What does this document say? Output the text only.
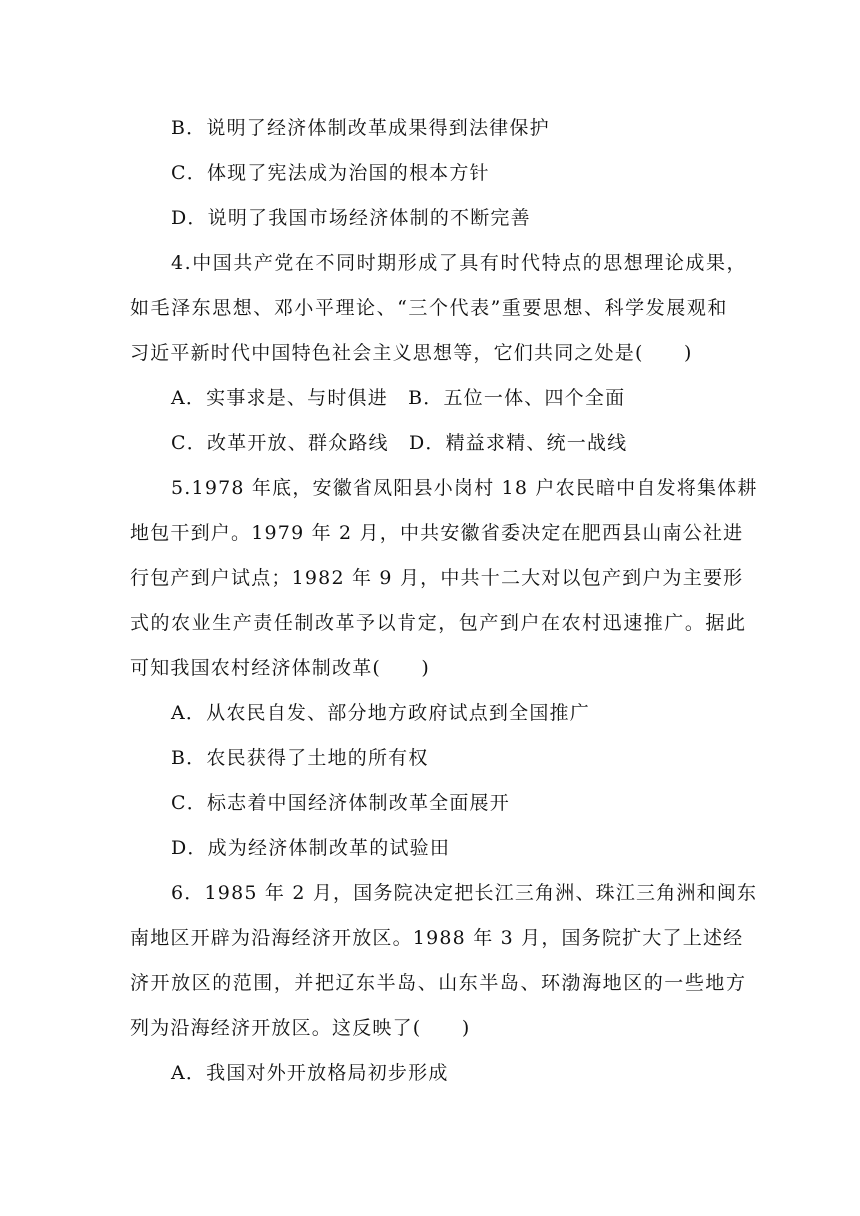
B．说明了经济体制改革成果得到法律保护
C．体现了宪法成为治国的根本方针
D．说明了我国市场经济体制的不断完善
4.中国共产党在不同时期形成了具有时代特点的思想理论成果，
如毛泽东思想、邓小平理论、“三个代表”重要思想、科学发展观和
习近平新时代中国特色社会主义思想等，它们共同之处是(　　)
A．实事求是、与时俱进　B．五位一体、四个全面
C．改革开放、群众路线　D．精益求精、统一战线
5.1978 年底，安徽省凤阳县小岗村 18 户农民暗中自发将集体耕
地包干到户。1979 年 2 月，中共安徽省委决定在肥西县山南公社进
行包产到户试点；1982 年 9 月，中共十二大对以包产到户为主要形
式的农业生产责任制改革予以肯定，包产到户在农村迅速推广。据此
可知我国农村经济体制改革(　　)
A．从农民自发、部分地方政府试点到全国推广
B．农民获得了土地的所有权
C．标志着中国经济体制改革全面展开
D．成为经济体制改革的试验田
6．1985 年 2 月，国务院决定把长江三角洲、珠江三角洲和闽东
南地区开辟为沿海经济开放区。1988 年 3 月，国务院扩大了上述经
济开放区的范围，并把辽东半岛、山东半岛、环渤海地区的一些地方
列为沿海经济开放区。这反映了(　　)
A．我国对外开放格局初步形成
